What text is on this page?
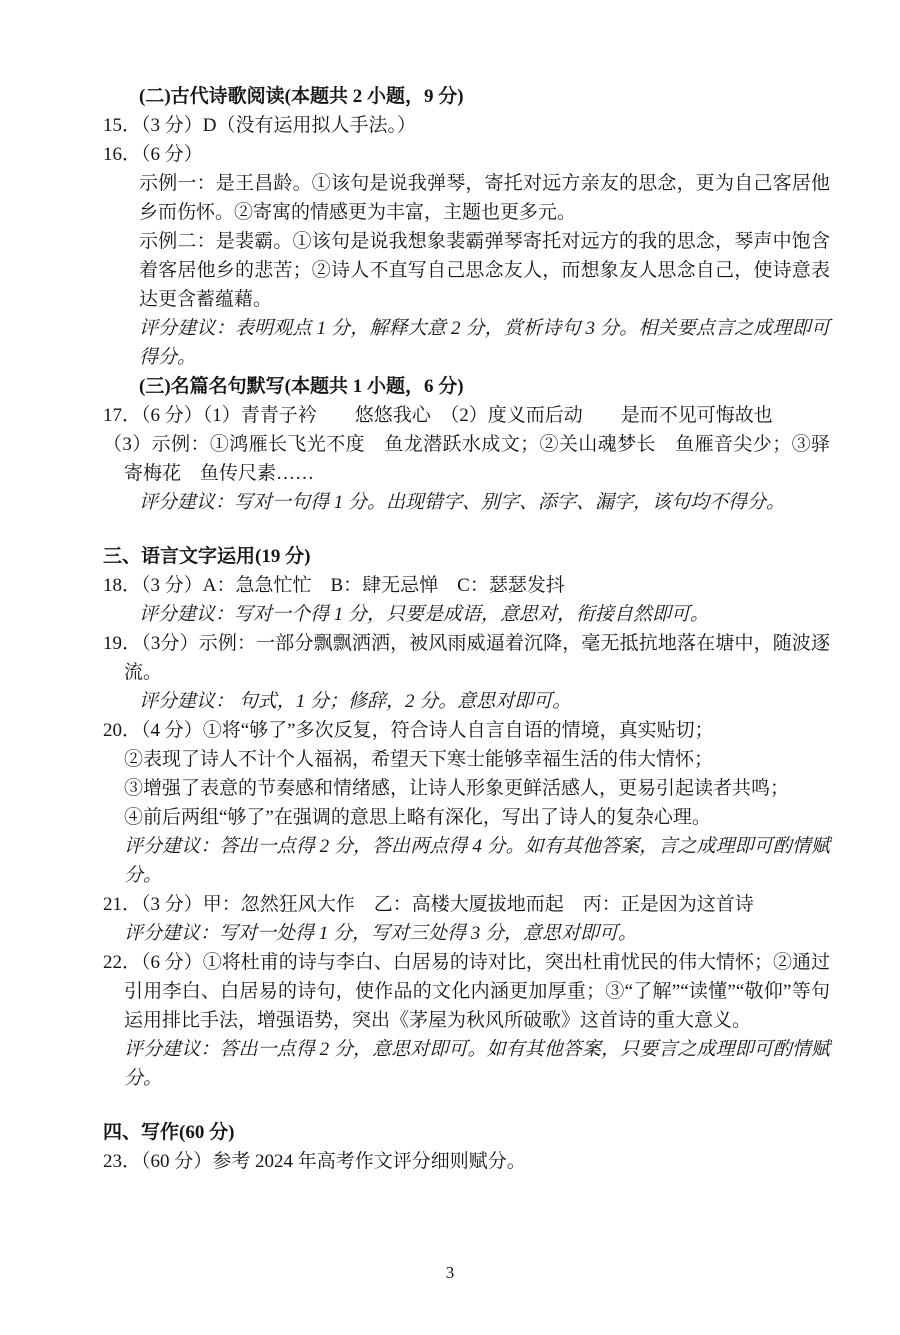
(二)古代诗歌阅读(本题共 2 小题，9 分)
15．（3 分）D（没有运用拟人手法。）
16．（6 分）
示例一：是王昌龄。①该句是说我弹琴，寄托对远方亲友的思念，更为自己客居他乡而伤怀。②寄寓的情感更为丰富，主题也更多元。
示例二：是裴霸。①该句是说我想象裴霸弹琴寄托对远方的我的思念，琴声中饱含着客居他乡的悲苦；②诗人不直写自己思念友人，而想象友人思念自己，使诗意表达更含蓄蕴藉。
评分建议：表明观点 1 分，解释大意 2 分，赏析诗句 3 分。相关要点言之成理即可得分。
(三)名篇名句默写(本题共 1 小题，6 分)
17．（6 分）（1）青青子衿　　悠悠我心　（2）度义而后动　　是而不见可悔故也
（3）示例：①鸿雁长飞光不度　鱼龙潜跃水成文；②关山魂梦长　鱼雁音尖少；③驿寄梅花　鱼传尺素……
评分建议：写对一句得 1 分。出现错字、别字、添字、漏字，该句均不得分。
三、语言文字运用(19 分)
18．（3 分）A：急急忙忙　B：肆无忌惮　C：瑟瑟发抖
评分建议：写对一个得 1 分，只要是成语，意思对，衔接自然即可。
19．（3分）示例：一部分飘飘洒洒，被风雨威逼着沉降，毫无抵抗地落在塘中，随波逐流。
评分建议： 句式，1 分；修辞，2 分。意思对即可。
20．（4 分）①将“够了”多次反复，符合诗人自言自语的情境，真实贴切；
②表现了诗人不计个人福祸，希望天下寒士能够幸福生活的伟大情怀；
③增强了表意的节奏感和情绪感，让诗人形象更鲜活感人，更易引起读者共鸣；
④前后两组“够了”在强调的意思上略有深化，写出了诗人的复杂心理。
评分建议：答出一点得 2 分，答出两点得 4 分。如有其他答案，言之成理即可酌情赋分。
21．（3 分）甲：忽然狂风大作　乙：高楼大厦拔地而起　丙：正是因为这首诗
评分建议：写对一处得 1 分，写对三处得 3 分，意思对即可。
22．（6 分）①将杜甫的诗与李白、白居易的诗对比，突出杜甫忧民的伟大情怀；②通过引用李白、白居易的诗句，使作品的文化内涵更加厚重；③“了解”“读懂”“敬仰”等句运用排比手法，增强语势，突出《茅屋为秋风所破歌》这首诗的重大意义。
评分建议：答出一点得 2 分，意思对即可。如有其他答案，只要言之成理即可酌情赋分。
四、写作(60 分)
23．（60 分）参考 2024 年高考作文评分细则赋分。
3
